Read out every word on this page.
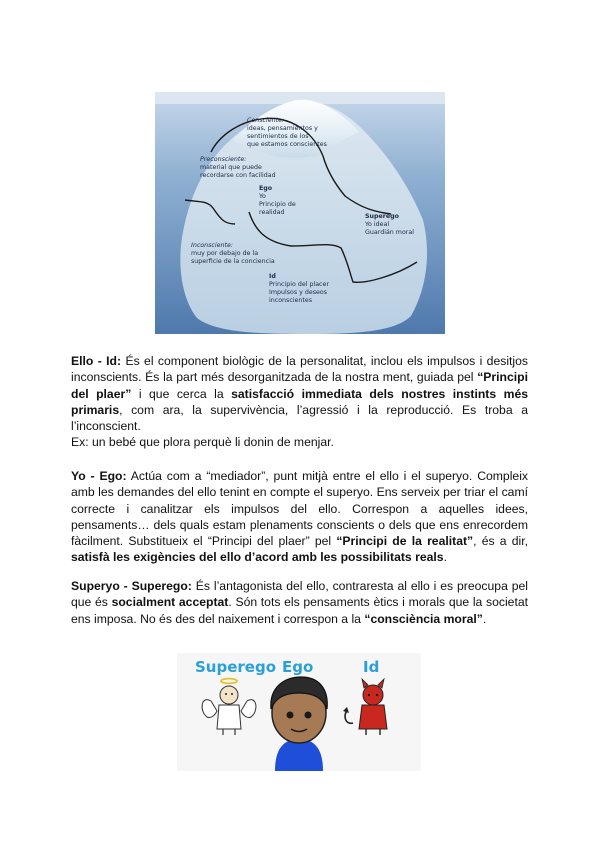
Consciente:
ideas, pensamientos y
sentimientos de los
que estamos conscientes
Preconsciente:
material que puede
recordarse con facilidad
Ego
Yo
Principio de
realidad
Superego
Yo ideal
Guardián moral
Inconsciente:
muy por debajo de la
superficie de la conciencia
Id
Principio del placer
Impulsos y deseos
inconscientes

Ello - Id: És el component biològic de la personalitat, inclou els impulsos i desitjos inconscients. És la part més desorganitzada de la nostra ment, guiada pel “Principi del plaer” i que cerca la satisfacció immediata dels nostres instints més primaris, com ara, la supervivència, l’agressió i la reproducció. Es troba a l’inconscient.
Ex: un bebé que plora perquè li donin de menjar.

Yo - Ego: Actúa com a “mediador”, punt mitjà entre el ello i el superyo. Compleix amb les demandes del ello tenint en compte el superyo. Ens serveix per triar el camí correcte i canalitzar els impulsos del ello. Correspon a aquelles idees, pensaments… dels quals estam plenaments conscients o dels que ens enrecordem fàcilment. Substitueix el “Principi del plaer” pel “Principi de la realitat”, és a dir, satisfà les exigències del ello d’acord amb les possibilitats reals.

Superyo - Superego: És l’antagonista del ello, contraresta al ello i es preocupa pel que és socialment acceptat. Són tots els pensaments ètics i morals que la societat ens imposa. No és des del naixement i correspon a la “consciència moral”.

Superego Ego	Id
